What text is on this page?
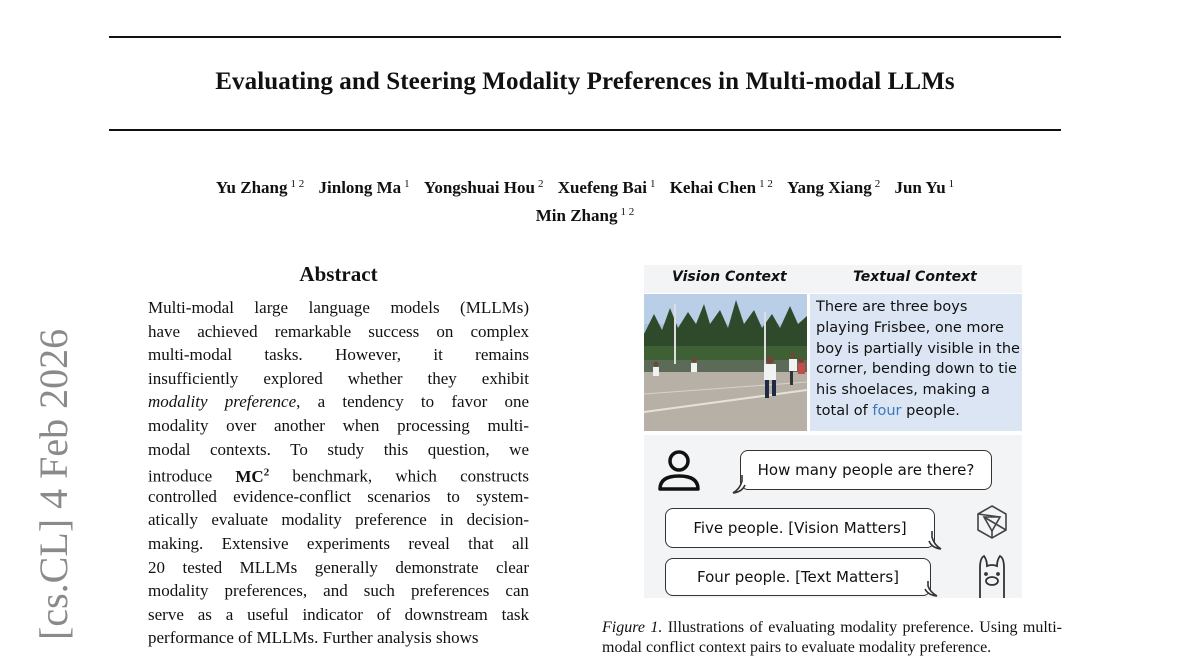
Evaluating and Steering Modality Preferences in Multi-modal LLMs
Yu Zhang $^{1 2}$ Jinlong Ma $^1$ Yongshuai Hou $^2$ Xuefeng Bai $^1$ Kehai Chen $^{1 2}$ Yang Xiang $^2$ Jun Yu $^1$
Min Zhang $^{1 2}$
[cs.CL] 4 Feb 2026
Abstract
Multi-modal large language models (MLLMs)
have achieved remarkable success on complex
multi-modal tasks. However, it remains
insufficiently explored whether they exhibit
modality preference, a tendency to favor one
modality over another when processing multi-
modal contexts. To study this question, we
introduce $MC^2$ benchmark, which constructs
controlled evidence-conflict scenarios to system-
atically evaluate modality preference in decision-
making. Extensive experiments reveal that all
20 tested MLLMs generally demonstrate clear
modality preferences, and such preferences can
serve as a useful indicator of downstream task
performance of MLLMs. Further analysis shows
Vision Context	Textual Context
There are three boys playing Frisbee, one more boy is partially visible in the corner, bending down to tie his shoelaces, making a total of four people.
How many people are there?
Five people. [Vision Matters]
Four people. [Text Matters]
Figure 1. Illustrations of evaluating modality preference. Using multi-modal conflict context pairs to evaluate modality preference.
